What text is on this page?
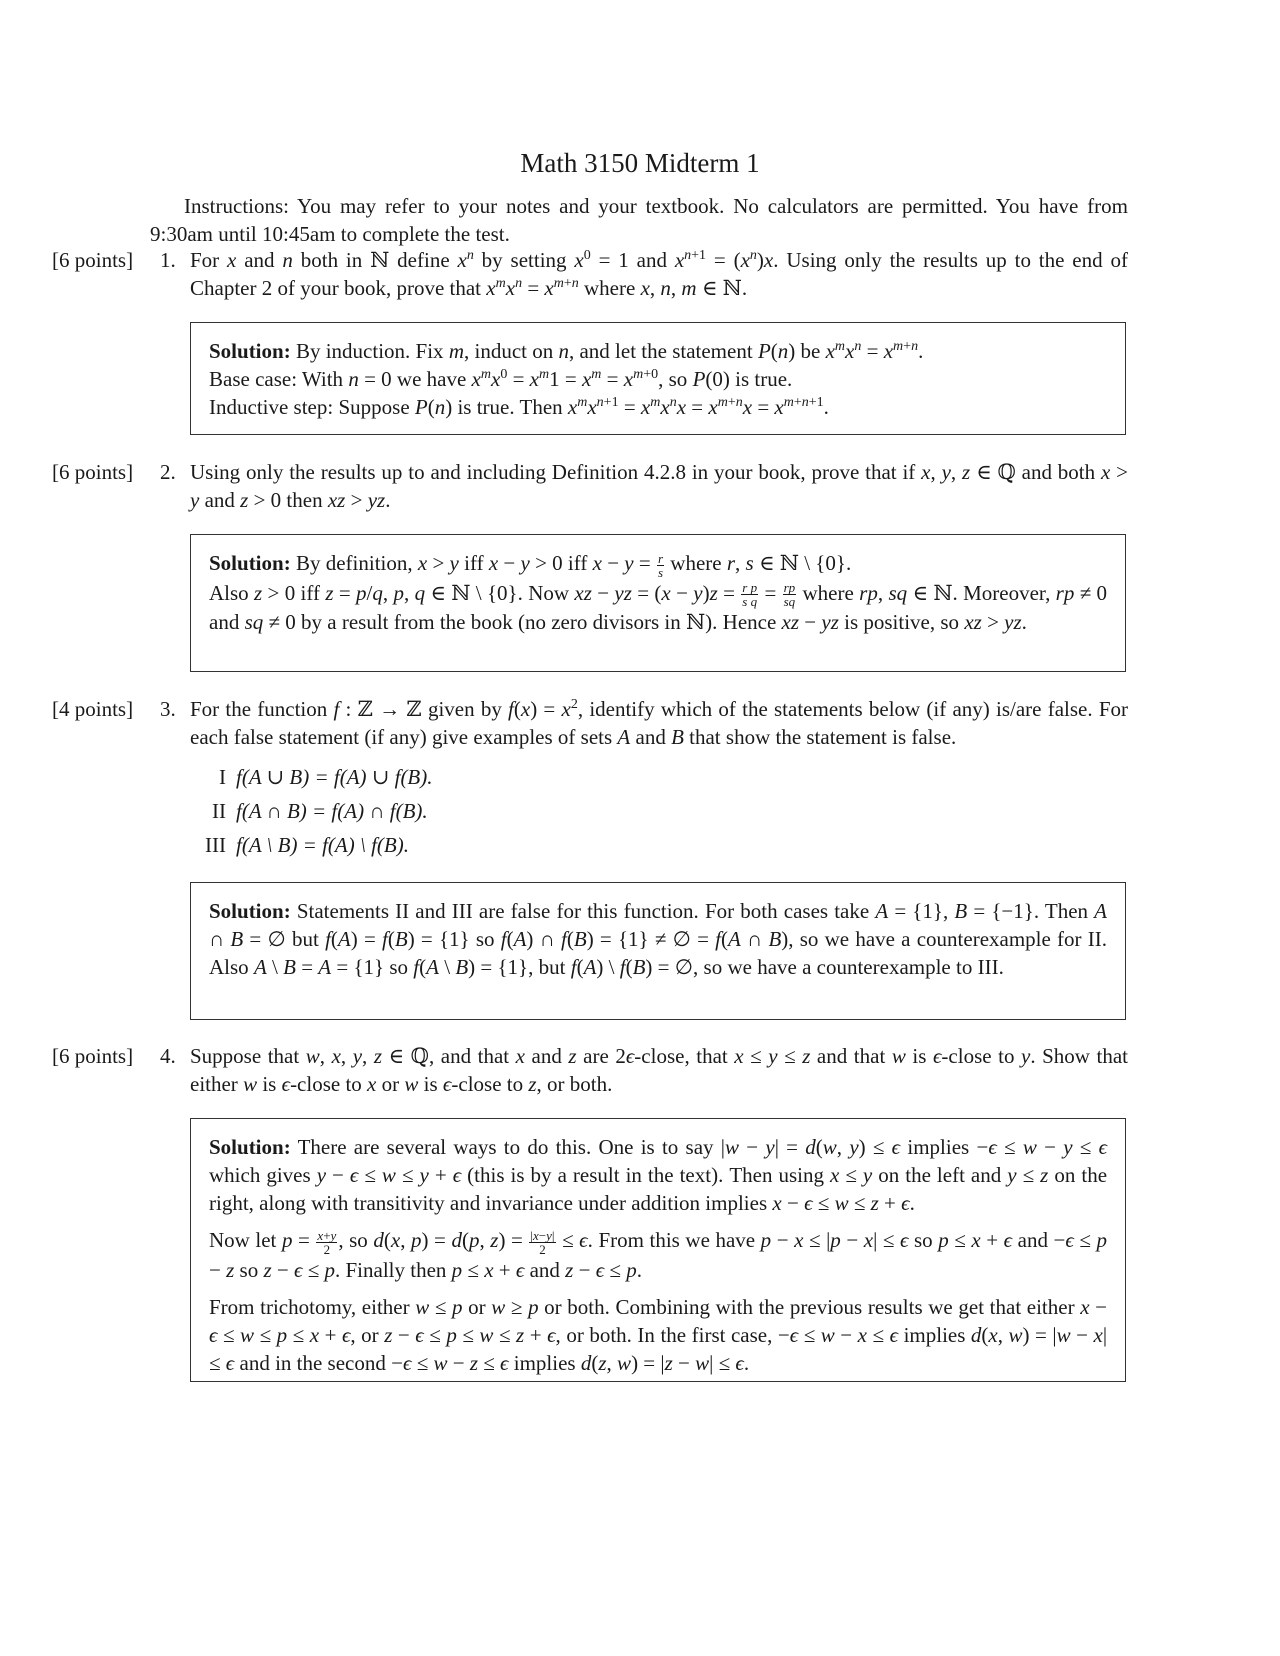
Math 3150 Midterm 1
Instructions: You may refer to your notes and your textbook. No calculators are permitted. You have from 9:30am until 10:45am to complete the test.
[6 points]	1. For x and n both in ℕ define $x^n$ by setting $x^0 = 1$ and $x^{n+1} = (x^n)x$. Using only the results up to the end of Chapter 2 of your book, prove that $x^mx^n = x^{m+n}$ where x, n, m ∈ ℕ.

Solution: By induction. Fix m, induct on n, and let the statement P(n) be $x^mx^n = x^{m+n}$.
Base case: With n = 0 we have $x^mx^0 = x^m1 = x^m = x^{m+0}$, so P(0) is true.
Inductive step: Suppose P(n) is true. Then $x^mx^{n+1} = x^mx^nx = x^{m+n}x = x^{m+n+1}$.

[6 points]	2. Using only the results up to and including Definition 4.2.8 in your book, prove that if x, y, z ∈ ℚ and both x > y and z > 0 then xz > yz.

Solution: By definition, x > y iff x − y > 0 iff $x - y = \frac{r}{s}$ where r, s ∈ ℕ \ {0}.
Also z > 0 iff z = p/q, p, q ∈ ℕ \ {0}. Now xz − yz = $(x - y)z = \frac{\text{r p}}{\text{s q}} = \frac{rp}{sq}$ where rp, sq ∈ ℕ. Moreover, rp ≠ 0 and sq ≠ 0 by a result from the book (no zero divisors in ℕ). Hence xz − yz is positive, so xz > yz.

[4 points]	3. For the function f : ℤ → ℤ given by $f(x) = x^2$, identify which of the statements below (if any) is/are false. For each false statement (if any) give examples of sets A and B that show the statement is false.
I f(A ∪ B) = f(A) ∪ f(B).
II f(A ∩ B) = f(A) ∩ f(B).
III f(A \ B) = f(A) \ f(B).

Solution: Statements II and III are false for this function. For both cases take A = {1}, B = {−1}. Then A ∩ B = ∅ but f(A) = f(B) = {1} so f(A) ∩ f(B) = {1} ≠ ∅ = f(A ∩ B), so we have a counterexample for II. Also A \ B = A = {1} so f(A \ B) = {1}, but f(A) \ f(B) = ∅, so we have a counterexample to III.

[6 points]	4. Suppose that w, x, y, z ∈ ℚ, and that x and z are 2ϵ-close, that x ≤ y ≤ z and that w is ϵ-close to y. Show that either w is ϵ-close to x or w is ϵ-close to z, or both.

Solution: There are several ways to do this. One is to say |w − y| = d(w, y) ≤ ϵ implies −ϵ ≤ w − y ≤ ϵ which gives y − ϵ ≤ w ≤ y + ϵ (this is by a result in the text). Then using x ≤ y on the left and y ≤ z on the right, along with transitivity and invariance under addition implies x − ϵ ≤ w ≤ z + ϵ.

Now let $p = \frac{x+y}{2}$ , so d(x, p) = d(p, $z) = \frac{|x-y|}{2} \le \epsilon$. From this we have p − x ≤ |p − x| ≤ ϵ so p ≤ x + ϵ and −ϵ ≤ p − z so z − ϵ ≤ p. Finally then p ≤ x + ϵ and z − ϵ ≤ p.

From trichotomy, either w ≤ p or w ≥ p or both. Combining with the previous results we get that either x − ϵ ≤ w ≤ p ≤ x + ϵ, or z − ϵ ≤ p ≤ w ≤ z + ϵ, or both. In the first case, −ϵ ≤ w − x ≤ ϵ implies d(x, w) = |w − x| ≤ ϵ and in the second −ϵ ≤ w − z ≤ ϵ implies d(z, w) = |z − w| ≤ ϵ.
